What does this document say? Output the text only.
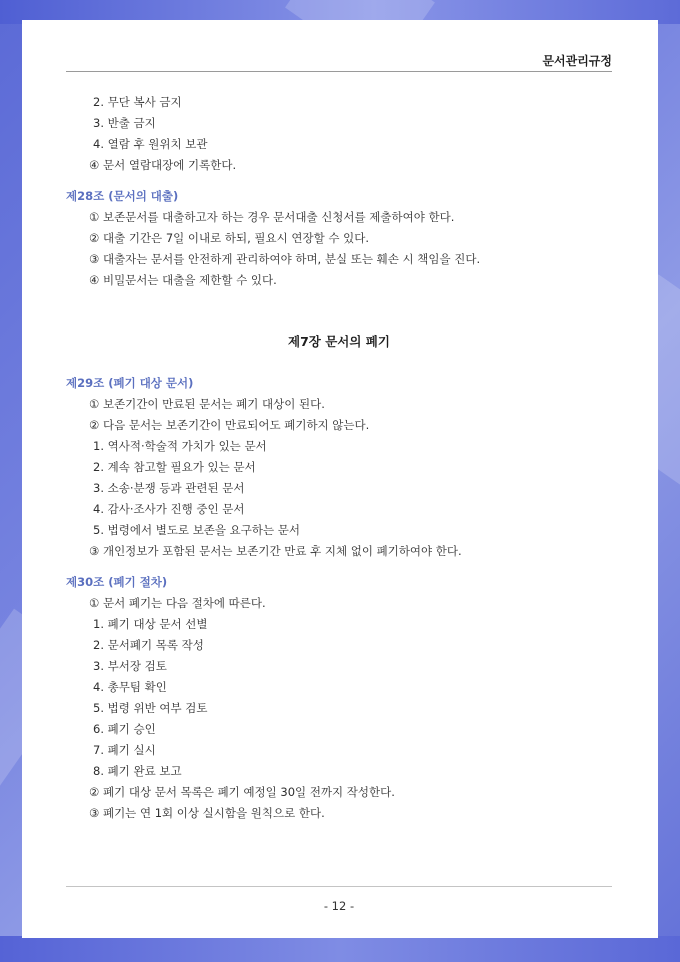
문서관리규정
2. 무단 복사 금지
3. 반출 금지
4. 열람 후 원위치 보관
④ 문서 열람대장에 기록한다.
제28조 (문서의 대출)
① 보존문서를 대출하고자 하는 경우 문서대출 신청서를 제출하여야 한다.
② 대출 기간은 7일 이내로 하되, 필요시 연장할 수 있다.
③ 대출자는 문서를 안전하게 관리하여야 하며, 분실 또는 훼손 시 책임을 진다.
④ 비밀문서는 대출을 제한할 수 있다.
제7장 문서의 폐기
제29조 (폐기 대상 문서)
① 보존기간이 만료된 문서는 폐기 대상이 된다.
② 다음 문서는 보존기간이 만료되어도 폐기하지 않는다.
1. 역사적·학술적 가치가 있는 문서
2. 계속 참고할 필요가 있는 문서
3. 소송·분쟁 등과 관련된 문서
4. 감사·조사가 진행 중인 문서
5. 법령에서 별도로 보존을 요구하는 문서
③ 개인정보가 포함된 문서는 보존기간 만료 후 지체 없이 폐기하여야 한다.
제30조 (폐기 절차)
① 문서 폐기는 다음 절차에 따른다.
1. 폐기 대상 문서 선별
2. 문서폐기 목록 작성
3. 부서장 검토
4. 총무팀 확인
5. 법령 위반 여부 검토
6. 폐기 승인
7. 폐기 실시
8. 폐기 완료 보고
② 폐기 대상 문서 목록은 폐기 예정일 30일 전까지 작성한다.
③ 폐기는 연 1회 이상 실시함을 원칙으로 한다.
- 12 -
